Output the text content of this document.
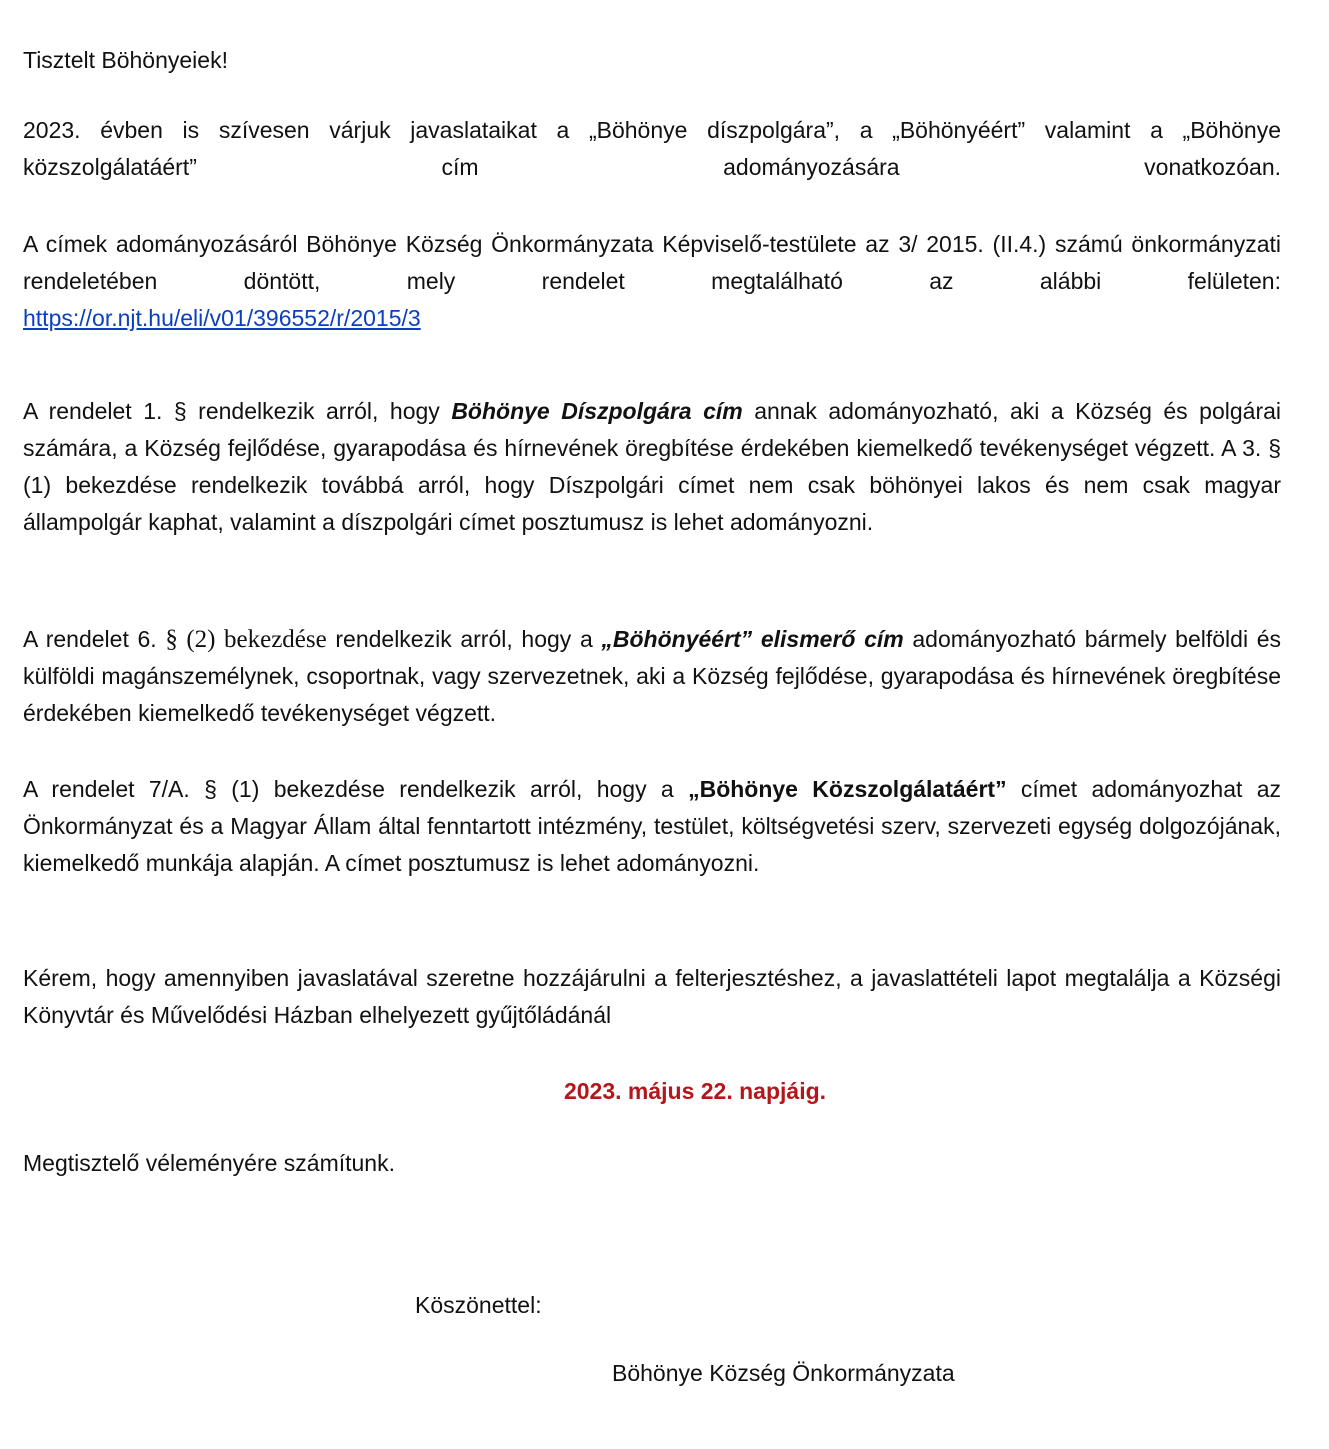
Tisztelt Böhönyeiek!

2023. évben is szívesen várjuk javaslataikat a „Böhönye díszpolgára”, a „Böhönyéért” valamint a „Böhönye közszolgálatáért” cím adományozására vonatkozóan.

A címek adományozásáról Böhönye Község Önkormányzata Képviselő-testülete az 3/ 2015. (II.4.) számú önkormányzati rendeletében döntött, mely rendelet megtalálható az alábbi felületen:
https://or.njt.hu/eli/v01/396552/r/2015/3

A rendelet 1. § rendelkezik arról, hogy Böhönye Díszpolgára cím annak adományozható, aki a Község és polgárai számára, a Község fejlődése, gyarapodása és hírnevének öregbítése érdekében kiemelkedő tevékenységet végzett. A 3. § (1) bekezdése rendelkezik továbbá arról, hogy Díszpolgári címet nem csak böhönyei lakos és nem csak magyar állampolgár kaphat, valamint a díszpolgári címet posztumusz is lehet adományozni.

A rendelet 6. § (2) bekezdése rendelkezik arról, hogy a „Böhönyéért” elismerő cím adományozható bármely belföldi és külföldi magánszemélynek, csoportnak, vagy szervezetnek, aki a Község fejlődése, gyarapodása és hírnevének öregbítése érdekében kiemelkedő tevékenységet végzett.

A rendelet 7/A. § (1) bekezdése rendelkezik arról, hogy a „Böhönye Közszolgálatáért” címet adományozhat az Önkormányzat és a Magyar Állam által fenntartott intézmény, testület, költségvetési szerv, szervezeti egység dolgozójának, kiemelkedő munkája alapján. A címet posztumusz is lehet adományozni.

Kérem, hogy amennyiben javaslatával szeretne hozzájárulni a felterjesztéshez, a javaslattételi lapot megtalálja a Községi Könyvtár és Művelődési Házban elhelyezett gyűjtőládánál

2023. május 22. napjáig.

Megtisztelő véleményére számítunk.

Köszönettel:
Böhönye Község Önkormányzata
